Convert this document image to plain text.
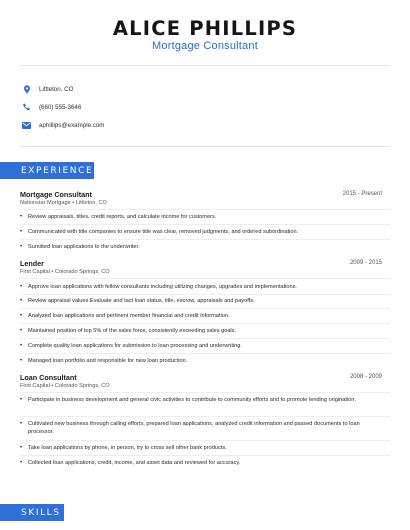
ALICE PHILLIPS
Mortgage Consultant
Littleton, CO
(660) 555-3646
aphillips@example.com
EXPERIENCE
Mortgage Consultant	2015 - Present
Nationstar Mortgage • Littleton, CO
• Review appraisals, titles, credit reports, and calculate income for customers.
• Communicated with title companies to ensure title was clear, removed judgments, and ordered subordination.
• Sumitted loan applications to the underwriter.
Lender	2009 - 2015
First Capital • Colorado Springs, CO
• Approve loan applications with fellow consultants including utilizing changes, upgrades and implementations.
• Review appraisal values Evaluate and tact loan status, title, escrow, appraisals and payoffs.
• Analyzed loan applications and pertinent member financial and credit information.
• Maintained position of top 5% of the sales force, consistently exceeding sales goals.
• Complete quality loan applications for submission to loan processing and underwriting.
• Managed loan portfolio and responsible for new loan production.
Loan Consultant	2008 - 2009
First Capital • Colorado Springs, CO
• Participate in business development and general civic activities to contribute to community efforts and to promote lending origination.
• Cultivated new business through calling efforts, prepared loan applications, analyzed credit information and passed documents to loan processor.
• Take loan applications by phone, in person, try to cross sell other bank products.
• Collected loan applications, credit, income, and asset data and reviewed for accuracy.
SKILLS
